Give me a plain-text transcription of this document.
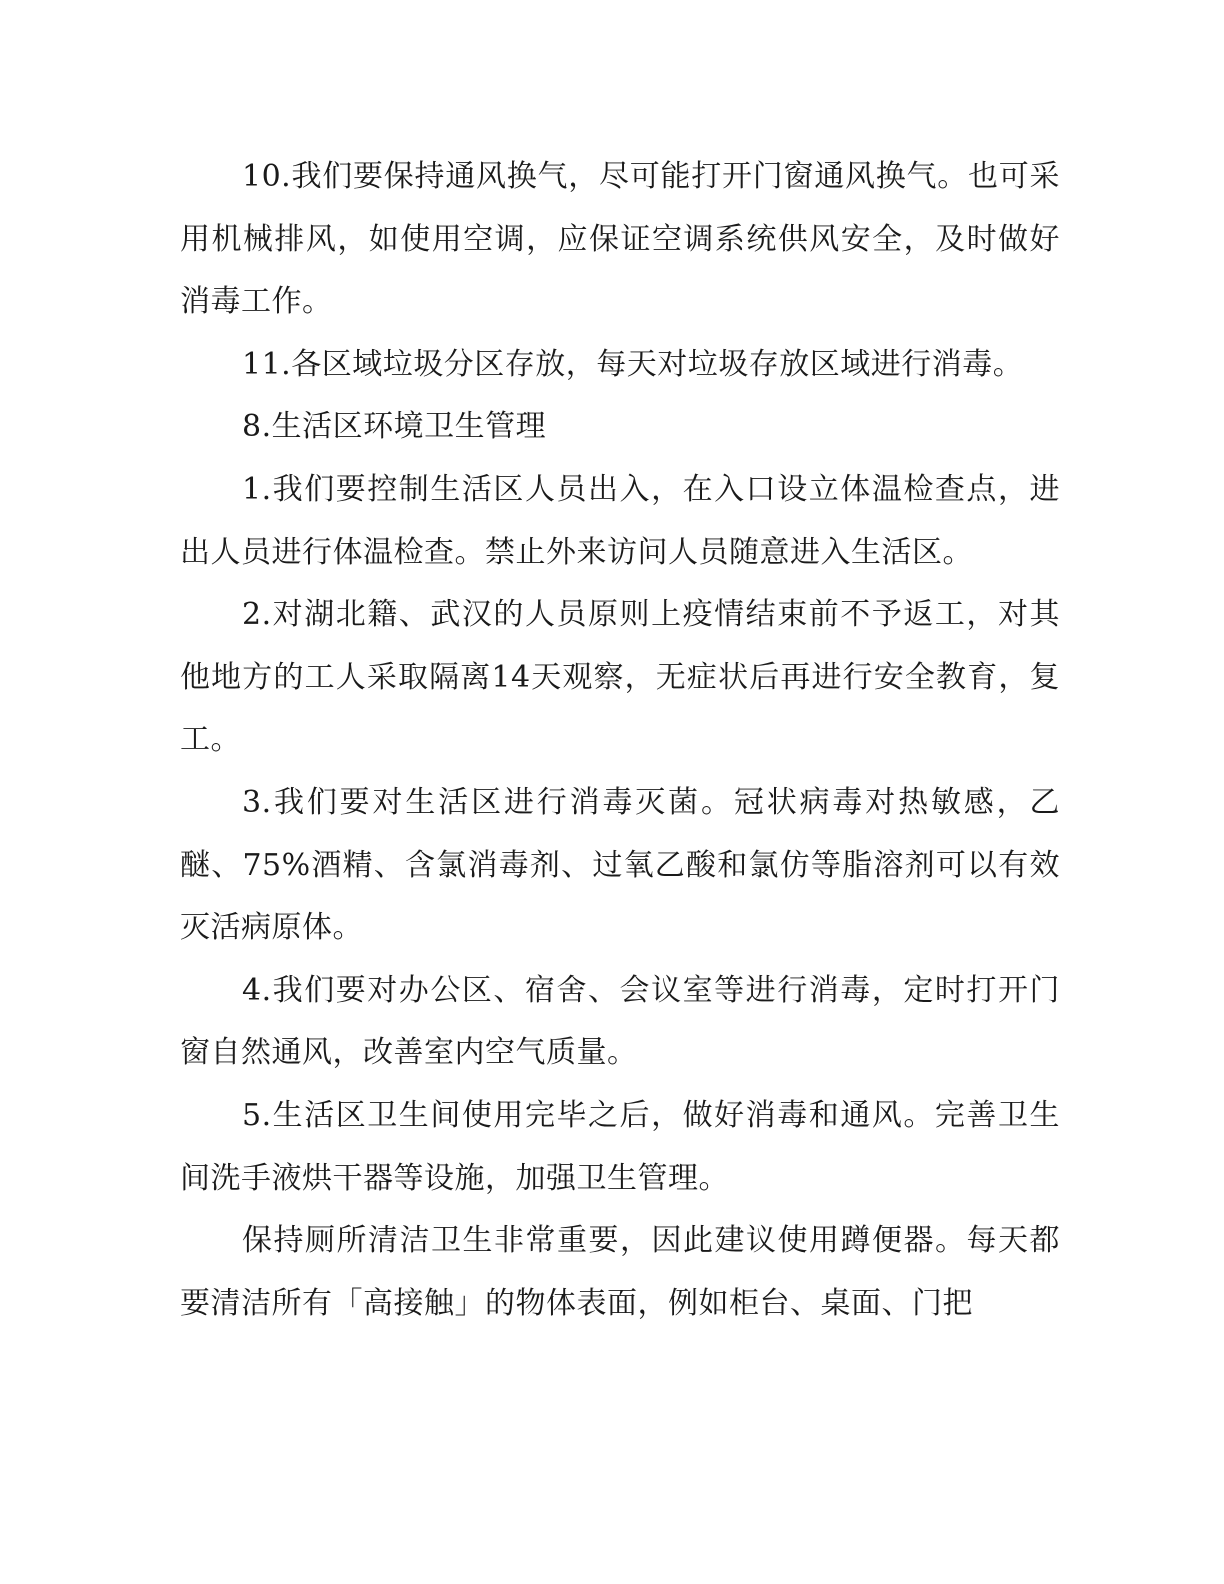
10.我们要保持通风换气，尽可能打开门窗通风换气。也可采用机械排风，如使用空调，应保证空调系统供风安全，及时做好消毒工作。

11.各区域垃圾分区存放，每天对垃圾存放区域进行消毒。

8.生活区环境卫生管理

1.我们要控制生活区人员出入，在入口设立体温检查点，进出人员进行体温检查。禁止外来访问人员随意进入生活区。

2.对湖北籍、武汉的人员原则上疫情结束前不予返工，对其他地方的工人采取隔离14天观察，无症状后再进行安全教育，复工。

3.我们要对生活区进行消毒灭菌。冠状病毒对热敏感，乙醚、75%酒精、含氯消毒剂、过氧乙酸和氯仿等脂溶剂可以有效灭活病原体。

4.我们要对办公区、宿舍、会议室等进行消毒，定时打开门窗自然通风，改善室内空气质量。

5.生活区卫生间使用完毕之后，做好消毒和通风。完善卫生间洗手液烘干器等设施，加强卫生管理。

保持厕所清洁卫生非常重要，因此建议使用蹲便器。每天都要清洁所有「高接触」的物体表面，例如柜台、桌面、门把
